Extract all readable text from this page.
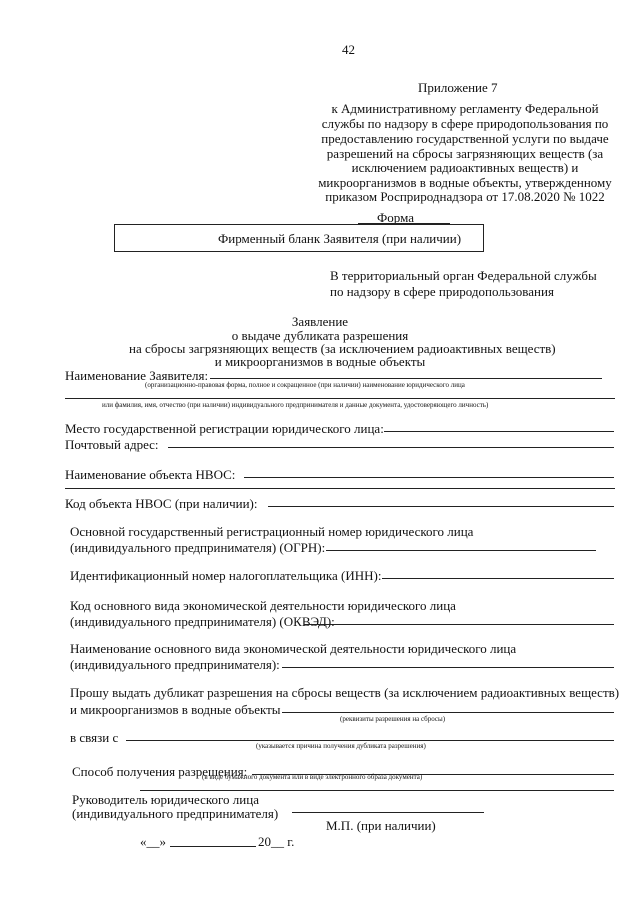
42
Приложение 7
к Административному регламенту Федеральной
службы по надзору в сфере природопользования по
предоставлению государственной услуги по выдаче
разрешений на сбросы загрязняющих веществ (за
исключением радиоактивных веществ) и
микроорганизмов в водные объекты, утвержденному
приказом Росприроднадзора от 17.08.2020 № 1022
Форма
Фирменный бланк Заявителя (при наличии)
В территориальный орган Федеральной службы
по надзору в сфере природопользования
Заявление
о выдаче дубликата разрешения
на сбросы загрязняющих веществ (за исключением радиоактивных веществ)
и микроорганизмов в водные объекты
Наименование Заявителя:
(организационно-правовая форма, полное и сокращенное (при наличии) наименование юридического лица
или фамилия, имя, отчество (при наличии) индивидуального предпринимателя и данные документа, удостоверяющего личность)
Место государственной регистрации юридического лица:
Почтовый адрес:
Наименование объекта НВОС:
Код объекта НВОС (при наличии):
Основной государственный регистрационный номер юридического лица
(индивидуального предпринимателя) (ОГРН):
Идентификационный номер налогоплательщика (ИНН):
Код основного вида экономической деятельности юридического лица
(индивидуального предпринимателя) (ОКВЭД):
Наименование основного вида экономической деятельности юридического лица
(индивидуального предпринимателя):
Прошу выдать дубликат разрешения на сбросы веществ (за исключением радиоактивных веществ)
и микроорганизмов в водные объекты
(реквизиты разрешения на сбросы)
в связи с
(указывается причина получения дубликата разрешения)
Способ получения разрешения:
(в виде бумажного документа или в виде электронного образа документа)
Руководитель юридического лица
(индивидуального предпринимателя)
М.П. (при наличии)
«__»	20__ г.
